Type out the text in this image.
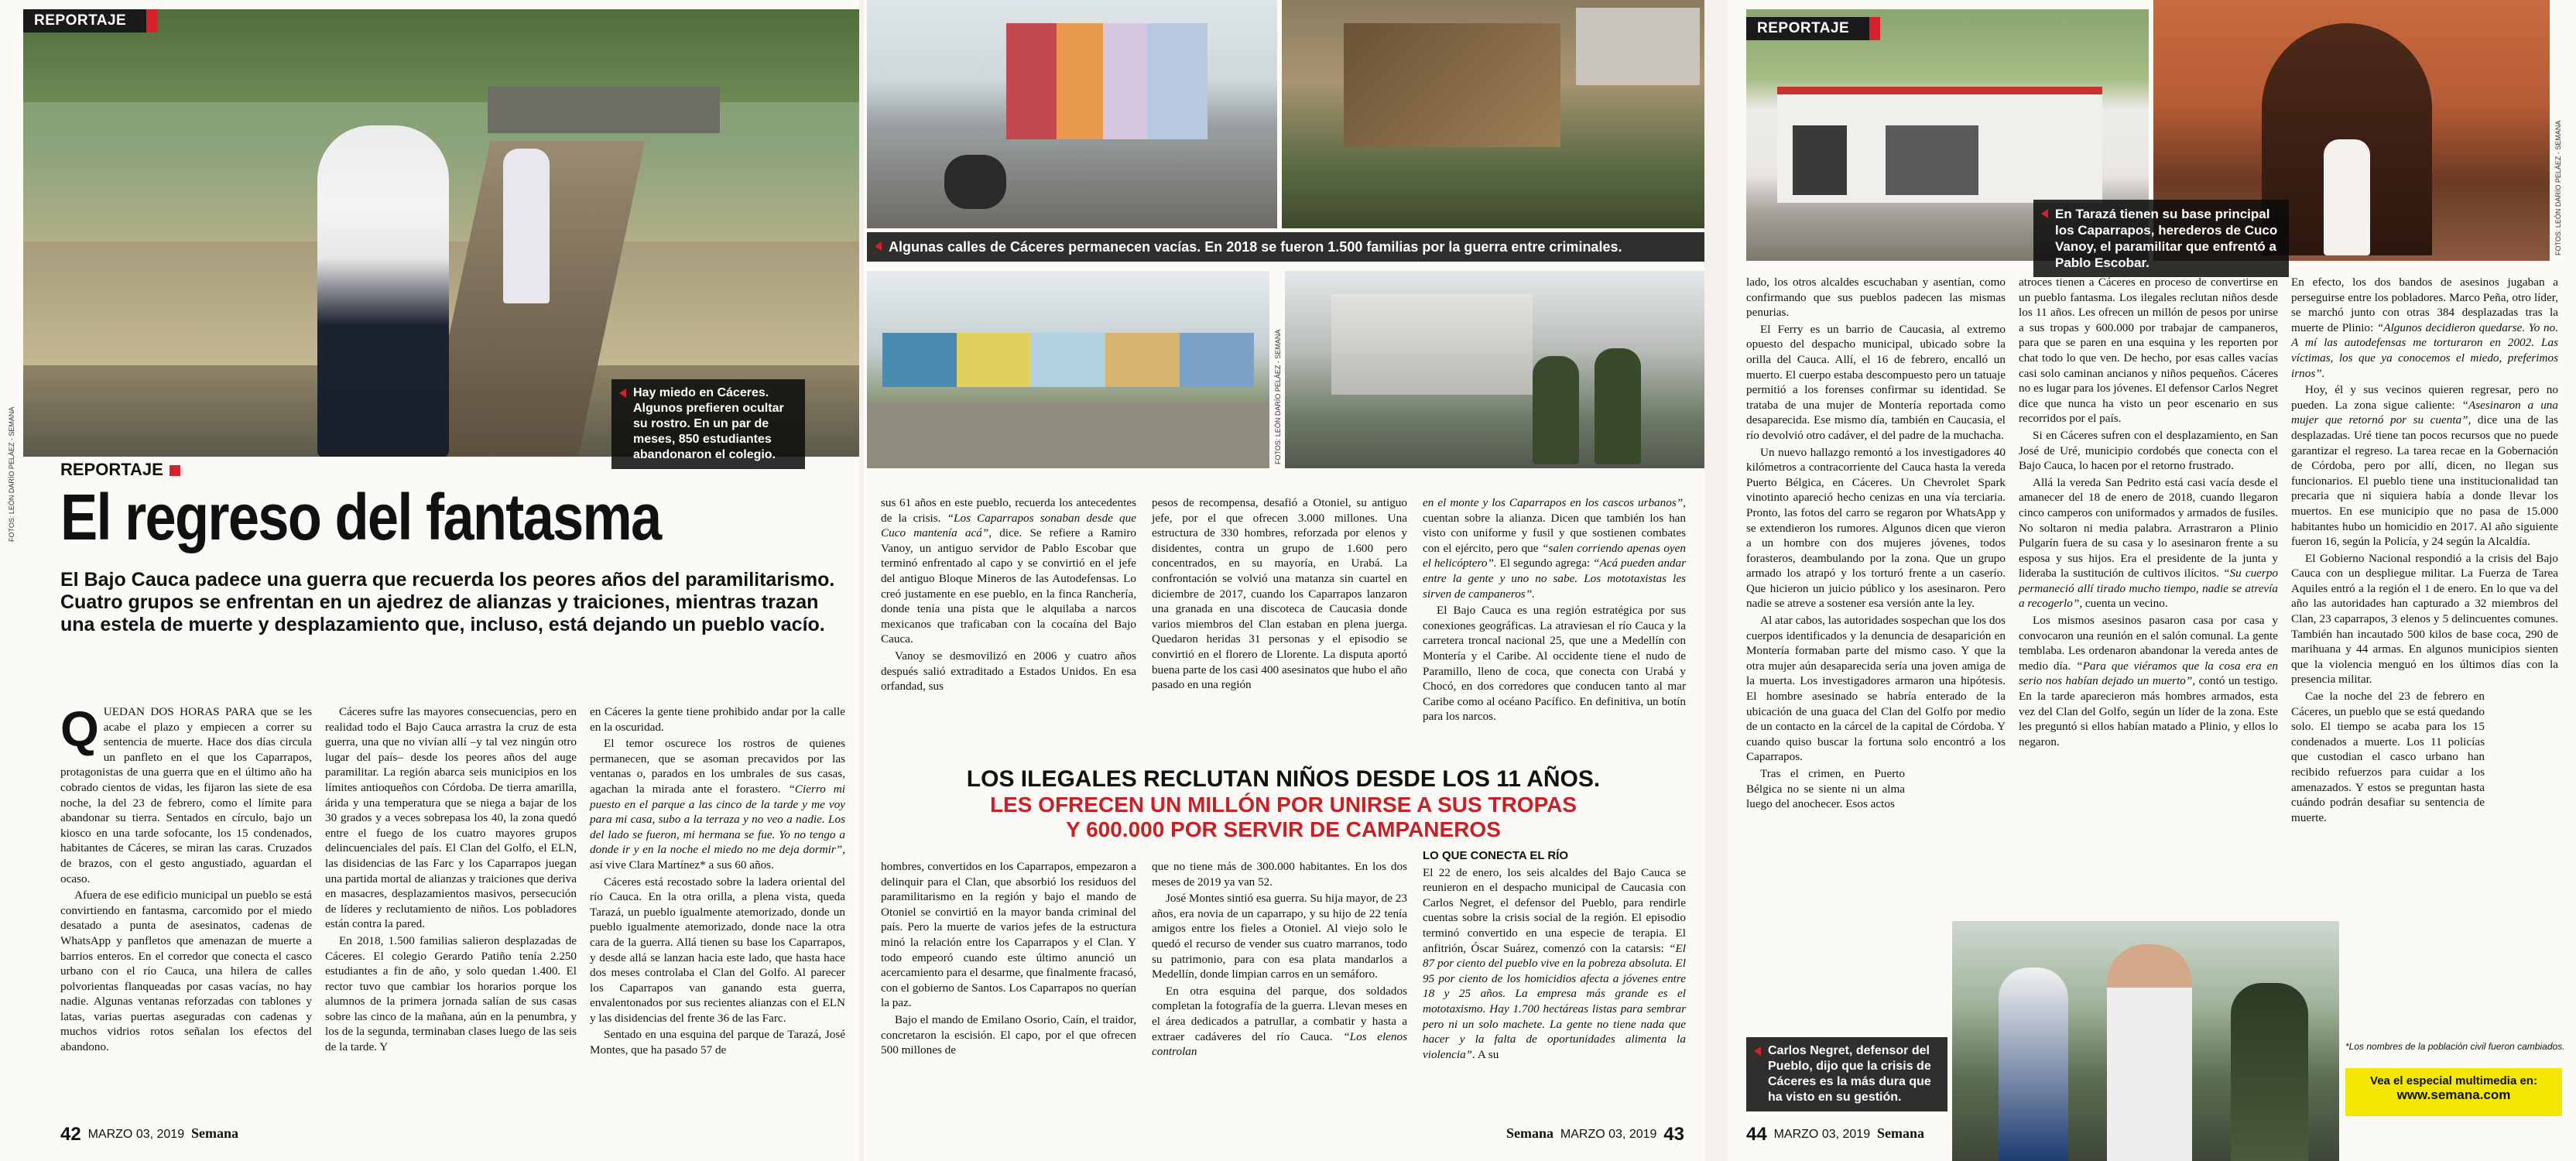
REPORTAJE
Hay miedo en Cáceres. Algunos prefieren ocultar su rostro. En un par de meses, 850 estudiantes abandonaron el colegio.
FOTOS: LEÓN DARÍO PELÁEZ - SEMANA	REPORTAJE
El regreso del fantasma
El Bajo Cauca padece una guerra que recuerda los peores años del paramilitarismo. Cuatro grupos se enfrentan en un ajedrez de alianzas y traiciones, mientras trazan una estela de muerte y desplazamiento que, incluso, está dejando un pueblo vacío.

QUEDAN DOS HORAS PARA que se les acabe el plazo y empiecen a correr su sentencia de muerte. Hace dos días circula un panfleto en el que los Caparrapos, protagonistas de una guerra que en el último año ha cobrado cientos de vidas, les fijaron las siete de esa noche, la del 23 de febrero, como el límite para abandonar su tierra. Sentados en círculo, bajo un kiosco en una tarde sofocante, los 15 condenados, habitantes de Cáceres, se miran las caras. Cruzados de brazos, con el gesto angustiado, aguardan el ocaso.

Afuera de ese edificio municipal un pueblo se está convirtiendo en fantasma, carcomido por el miedo desatado a punta de asesinatos, cadenas de WhatsApp y panfletos que amenazan de muerte a barrios enteros. En el corredor que conecta el casco urbano con el río Cauca, una hilera de calles polvorientas flanqueadas por casas vacías, no hay nadie. Algunas ventanas reforzadas con tablones y latas, varias puertas aseguradas con cadenas y muchos vidrios rotos señalan los efectos del abandono.

Cáceres sufre las mayores consecuencias, pero en realidad todo el Bajo Cauca arrastra la cruz de esta guerra, una que no vivían allí –y tal vez ningún otro lugar del país– desde los peores años del auge paramilitar. La región abarca seis municipios en los límites antioqueños con Córdoba. De tierra amarilla, árida y una temperatura que se niega a bajar de los 30 grados y a veces sobrepasa los 40, la zona quedó entre el fuego de los cuatro mayores grupos delincuenciales del país. El Clan del Golfo, el ELN, las disidencias de las Farc y los Caparrapos juegan una partida mortal de alianzas y traiciones que deriva en masacres, desplazamientos masivos, persecución de líderes y reclutamiento de niños. Los pobladores están contra la pared.

En 2018, 1.500 familias salieron desplazadas de Cáceres. El colegio Gerardo Patiño tenía 2.250 estudiantes a fin de año, y solo quedan 1.400. El rector tuvo que cambiar los horarios porque los alumnos de la primera jornada salían de sus casas sobre las cinco de la mañana, aún en la penumbra, y los de la segunda, terminaban clases luego de las seis de la tarde. Y

en Cáceres la gente tiene prohibido andar por la calle en la oscuridad.

El temor oscurece los rostros de quienes permanecen, que se asoman precavidos por las ventanas o, parados en los umbrales de sus casas, agachan la mirada ante el forastero. “Cierro mi puesto en el parque a las cinco de la tarde y me voy para mi casa, subo a la terraza y no veo a nadie. Los del lado se fueron, mi hermana se fue. Yo no tengo a donde ir y en la noche el miedo no me deja dormir”, así vive Clara Martínez* a sus 60 años.

Cáceres está recostado sobre la ladera oriental del río Cauca. En la otra orilla, a plena vista, queda Tarazá, un pueblo igualmente atemorizado, donde un pueblo igualmente atemorizado, donde nace la otra cara de la guerra. Allá tienen su base los Caparrapos, y desde allá se lanzan hacia este lado, que hasta hace dos meses controlaba el Clan del Golfo. Al parecer los Caparrapos van ganando esta guerra, envalentonados por sus recientes alianzas con el ELN y las disidencias del frente 36 de las Farc.

Sentado en una esquina del parque de Tarazá, José Montes, que ha pasado 57 de

42 MARZO 03, 2019 Semana
Algunas calles de Cáceres permanecen vacías. En 2018 se fueron 1.500 familias por la guerra entre criminales.
FOTOS: LEÓN DARÍO PELÁEZ - SEMANA

sus 61 años en este pueblo, recuerda los antecedentes de la crisis. “Los Caparrapos sonaban desde que Cuco mantenía acá”, dice. Se refiere a Ramiro Vanoy, un antiguo servidor de Pablo Escobar que terminó enfrentado al capo y se convirtió en el jefe del antiguo Bloque Mineros de las Autodefensas. Lo creó justamente en ese pueblo, en la finca Ranchería, donde tenía una pista que le alquilaba a narcos mexicanos que traficaban con la cocaína del Bajo Cauca.

Vanoy se desmovilizó en 2006 y cuatro años después salió extraditado a Estados Unidos. En esa orfandad, sus

pesos de recompensa, desafió a Otoniel, su antiguo jefe, por el que ofrecen 3.000 millones. Una estructura de 330 hombres, reforzada por elenos y disidentes, contra un grupo de 1.600 pero concentrados, en su mayoría, en Urabá. La confrontación se volvió una matanza sin cuartel en diciembre de 2017, cuando los Caparrapos lanzaron una granada en una discoteca de Caucasia donde varios miembros del Clan estaban en plena juerga. Quedaron heridas 31 personas y el episodio se convirtió en el florero de Llorente. La disputa aportó buena parte de los casi 400 asesinatos que hubo el año pasado en una región

en el monte y los Caparrapos en los cascos urbanos”, cuentan sobre la alianza. Dicen que también los han visto con uniforme y fusil y que sostienen combates con el ejército, pero que “salen corriendo apenas oyen el helicóptero”. El segundo agrega: “Acá pueden andar entre la gente y uno no sabe. Los mototaxistas les sirven de campaneros”.

El Bajo Cauca es una región estratégica por sus conexiones geográficas. La atraviesan el río Cauca y la carretera troncal nacional 25, que une a Medellín con Montería y el Caribe. Al occidente tiene el nudo de Paramillo, lleno de coca, que conecta con Urabá y Chocó, en dos corredores que conducen tanto al mar Caribe como al océano Pacífico. En definitiva, un botín para los narcos.

hombres, convertidos en los Caparrapos, empezaron a delinquir para el Clan, que absorbió los residuos del paramilitarismo en la región y bajo el mando de Otoniel se convirtió en la mayor banda criminal del país. Pero la muerte de varios jefes de la estructura minó la relación entre los Caparrapos y el Clan. Y todo empeoró cuando este último anunció un acercamiento para el desarme, que finalmente fracasó, con el gobierno de Santos. Los Caparrapos no querían la paz.

Bajo el mando de Emilano Osorio, Caín, el traidor, concretaron la escisión. El capo, por el que ofrecen 500 millones de

que no tiene más de 300.000 habitantes. En los dos meses de 2019 ya van 52.

José Montes sintió esa guerra. Su hija mayor, de 23 años, era novia de un caparrapo, y su hijo de 22 tenía amigos entre los fieles a Otoniel. Al viejo solo le quedó el recurso de vender sus cuatro marranos, todo su patrimonio, para con esa plata mandarlos a Medellín, donde limpian carros en un semáforo.

En otra esquina del parque, dos soldados completan la fotografía de la guerra. Llevan meses en el área dedicados a patrullar, a combatir y hasta a extraer cadáveres del río Cauca. “Los elenos controlan

LO QUE CONECTA EL RÍO

El 22 de enero, los seis alcaldes del Bajo Cauca se reunieron en el despacho municipal de Caucasia con Carlos Negret, el defensor del Pueblo, para rendirle cuentas sobre la crisis social de la región. El episodio terminó convertido en una especie de terapia. El anfitrión, Óscar Suárez, comenzó con la catarsis: “El 87 por ciento del pueblo vive en la pobreza absoluta. El 95 por ciento de los homicidios afecta a jóvenes entre 18 y 25 años. La empresa más grande es el mototaxismo. Hay 1.700 hectáreas listas para sembrar pero ni un solo machete. La gente no tiene nada que hacer y la falta de oportunidades alimenta la violencia”. A su

Semana MARZO 03, 2019 43
LOS ILEGALES RECLUTAN NIÑOS DESDE LOS 11 AÑOS.
LES OFRECEN UN MILLÓN POR UNIRSE A SUS TROPAS
Y 600.000 POR SERVIR DE CAMPANEROS
REPORTAJE
En Tarazá tienen su base principal los Caparrapos, herederos de Cuco Vanoy, el paramilitar que enfrentó a Pablo Escobar.
FOTOS: LEÓN DARÍO PELÁEZ - SEMANA

lado, los otros alcaldes escuchaban y asentían, como confirmando que sus pueblos padecen las mismas penurias.

El Ferry es un barrio de Caucasia, al extremo opuesto del despacho municipal, ubicado sobre la orilla del Cauca. Allí, el 16 de febrero, encalló un muerto. El cuerpo estaba descompuesto pero un tatuaje permitió a los forenses confirmar su identidad. Se trataba de una mujer de Montería reportada como desaparecida. Ese mismo día, también en Caucasia, el río devolvió otro cadáver, el del padre de la muchacha.

Un nuevo hallazgo remontó a los investigadores 40 kilómetros a contracorriente del Cauca hasta la vereda Puerto Bélgica, en Cáceres. Un Chevrolet Spark vinotinto apareció hecho cenizas en una vía terciaria. Pronto, las fotos del carro se regaron por WhatsApp y se extendieron los rumores. Algunos dicen que vieron a un hombre con dos mujeres jóvenes, todos forasteros, deambulando por la zona. Que un grupo armado los atrapó y los torturó frente a un caserío. Que hicieron un juicio público y los asesinaron. Pero nadie se atreve a sostener esa versión ante la ley.

Al atar cabos, las autoridades sospechan que los dos cuerpos identificados y la denuncia de desaparición en Montería formaban parte del mismo caso. Y que la otra mujer aún desaparecida sería una joven amiga de la muerta. Los investigadores armaron una hipótesis. El hombre asesinado se habría enterado de la ubicación de una guaca del Clan del Golfo por medio de un contacto en la cárcel de la capital de Córdoba. Y cuando quiso buscar la fortuna solo encontró a los Caparrapos.

Tras el crimen, en Puerto Bélgica no se siente ni un alma luego del anochecer. Esos actos

atroces tienen a Cáceres en proceso de convertirse en un pueblo fantasma. Los ilegales reclutan niños desde los 11 años. Les ofrecen un millón de pesos por unirse a sus tropas y 600.000 por trabajar de campaneros, para que se paren en una esquina y les reporten por chat todo lo que ven. De hecho, por esas calles vacías casi solo caminan ancianos y niños pequeños. Cáceres no es lugar para los jóvenes. El defensor Carlos Negret dice que nunca ha visto un peor escenario en sus recorridos por el país.

Si en Cáceres sufren con el desplazamiento, en San José de Uré, municipio cordobés que conecta con el Bajo Cauca, lo hacen por el retorno frustrado.

Allá la vereda San Pedrito está casi vacía desde el amanecer del 18 de enero de 2018, cuando llegaron cinco camperos con uniformados y armados de fusiles. No soltaron ni media palabra. Arrastraron a Plinio Pulgarín fuera de su casa y lo asesinaron frente a su esposa y sus hijos. Era el presidente de la junta y lideraba la sustitución de cultivos ilícitos. “Su cuerpo permaneció allí tirado mucho tiempo, nadie se atrevía a recogerlo”, cuenta un vecino.

Los mismos asesinos pasaron casa por casa y convocaron una reunión en el salón comunal. La gente temblaba. Les ordenaron abandonar la vereda antes de medio día. “Para que viéramos que la cosa era en serio nos habían dejado un muerto”, contó un testigo. En la tarde aparecieron más hombres armados, esta vez del Clan del Golfo, según un líder de la zona. Este les preguntó si ellos habían matado a Plinio, y ellos lo negaron.

En efecto, los dos bandos de asesinos jugaban a perseguirse entre los pobladores. Marco Peña, otro líder, se marchó junto con otras 384 desplazadas tras la muerte de Plinio: “Algunos decidieron quedarse. Yo no. A mí las autodefensas me torturaron en 2002. Las víctimas, los que ya conocemos el miedo, preferimos irnos”.

Hoy, él y sus vecinos quieren regresar, pero no pueden. La zona sigue caliente: “Asesinaron a una mujer que retornó por su cuenta”, dice una de las desplazadas. Uré tiene tan pocos recursos que no puede garantizar el regreso. La tarea recae en la Gobernación de Córdoba, pero por allí, dicen, no llegan sus funcionarios. El pueblo tiene una institucionalidad tan precaria que ni siquiera había a donde llevar los muertos. En ese municipio que no pasa de 15.000 habitantes hubo un homicidio en 2017. Al año siguiente fueron 16, según la Policía, y 24 según la Alcaldía.

El Gobierno Nacional respondió a la crisis del Bajo Cauca con un despliegue militar. La Fuerza de Tarea Aquiles entró a la región el 1 de enero. En lo que va del año las autoridades han capturado a 32 miembros del Clan, 23 caparrapos, 3 elenos y 5 delincuentes comunes. También han incautado 500 kilos de base coca, 290 de marihuana y 44 armas. En algunos municipios sienten que la violencia menguó en los últimos días con la presencia militar.

Cae la noche del 23 de febrero en Cáceres, un pueblo que se está quedando solo. El tiempo se acaba para los 15 condenados a muerte. Los 11 policías que custodian el casco urbano han recibido refuerzos para cuidar a los amenazados. Y estos se preguntan hasta cuándo podrán desafiar su sentencia de muerte.

Carlos Negret, defensor del Pueblo, dijo que la crisis de Cáceres es la más dura que ha visto en su gestión.
*Los nombres de la población civil fueron cambiados.
44 MARZO 03, 2019 Semana
Vea el especial multimedia en:
www.semana.com
